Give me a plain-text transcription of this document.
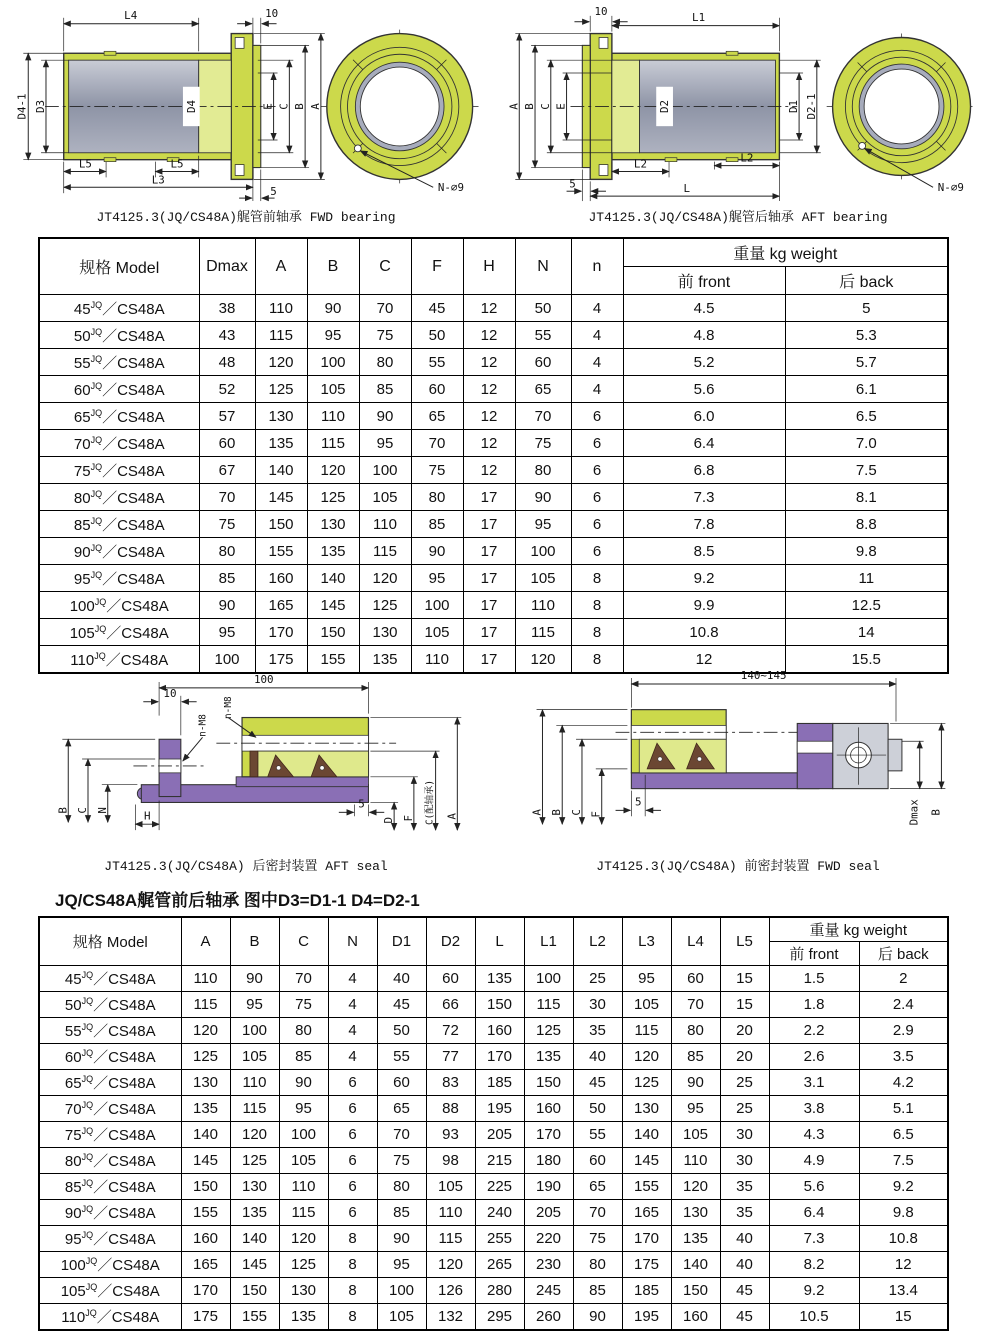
D4
L4	10
D4-1 D3	E C B A
L5	L5
L3
5	N-∅9
JT4125.3(JQ/CS48A)艉管前轴承 FWD bearing
D2
10	L1
A B C E	D1 D2-1
5
L2	L2
L	N-∅9
JT4125.3(JQ/CS48A)艉管后轴承 AFT bearing
规格 Model	Dmax	A	B	C	F	H	N	n	重量 kg weight	
									前 front	后 back
$45^{JQ}/CS48A$	38	110	90	70	45	12	50	4	4.5	5
$50^{JQ}/CS48A$	43	115	95	75	50	12	55	4	4.8	5.3
$55^{JQ}/CS48A$	48	120	100	80	55	12	60	4	5.2	5.7
$60^{JQ}/CS48A$	52	125	105	85	60	12	65	4	5.6	6.1
$65^{JQ}/CS48A$	57	130	110	90	65	12	70	6	6.0	6.5
$70^{JQ}/CS48A$	60	135	115	95	70	12	75	6	6.4	7.0
$75^{JQ}/CS48A$	67	140	120	100	75	12	80	6	6.8	7.5
$80^{JQ}/CS48A$	70	145	125	105	80	17	90	6	7.3	8.1
$85^{JQ}/CS48A$	75	150	130	110	85	17	95	6	7.8	8.8
$90^{JQ}/CS48A$	80	155	135	115	90	17	100	6	8.5	9.8
$95^{JQ}/CS48A$	85	160	140	120	95	17	105	8	9.2	11
$100^{JQ}/CS48A$	90	165	145	125	100	17	110	8	9.9	12.5
$105^{JQ}/CS48A$	95	170	150	130	105	17	115	8	10.8	14
$110^{JQ}/CS48A$	100	175	155	135	110	17	120	8	12	15.5
100
10
n-M8
n-M8
B C N	H
5
D F C(配轴承) A
JT4125.3(JQ/CS48A) 后密封装置 AFT seal
140~145
A B C F
5	Dmax B
JT4125.3(JQ/CS48A) 前密封装置 FWD seal
JQ/CS48A艉管前后轴承 图中D3=D1-1 D4=D2-1
规格 Model	A	B	C	N	D1	D2	L	L1	L2	L3	L4	L5	重量 kg weight	
													前 front	后 back
$45^{JQ}/CS48A$	110	90	70	4	40	60	135	100	25	95	60	15	1.5	2
$50^{JQ}/CS48A$	115	95	75	4	45	66	150	115	30	105	70	15	1.8	2.4
$55^{JQ}/CS48A$	120	100	80	4	50	72	160	125	35	115	80	20	2.2	2.9
$60^{JQ}/CS48A$	125	105	85	4	55	77	170	135	40	120	85	20	2.6	3.5
$65^{JQ}/CS48A$	130	110	90	6	60	83	185	150	45	125	90	25	3.1	4.2
$70^{JQ}/CS48A$	135	115	95	6	65	88	195	160	50	130	95	25	3.8	5.1
$75^{JQ}/CS48A$	140	120	100	6	70	93	205	170	55	140	105	30	4.3	6.5
$80^{JQ}/CS48A$	145	125	105	6	75	98	215	180	60	145	110	30	4.9	7.5
$85^{JQ}/CS48A$	150	130	110	6	80	105	225	190	65	155	120	35	5.6	9.2
$90^{JQ}/CS48A$	155	135	115	6	85	110	240	205	70	165	130	35	6.4	9.8
$95^{JQ}/CS48A$	160	140	120	8	90	115	255	220	75	170	135	40	7.3	10.8
$100^{JQ}/CS48A$	165	145	125	8	95	120	265	230	80	175	140	40	8.2	12
$105^{JQ}/CS48A$	170	150	130	8	100	126	280	245	85	185	150	45	9.2	13.4
$110^{JQ}/CS48A$	175	155	135	8	105	132	295	260	90	195	160	45	10.5	15
